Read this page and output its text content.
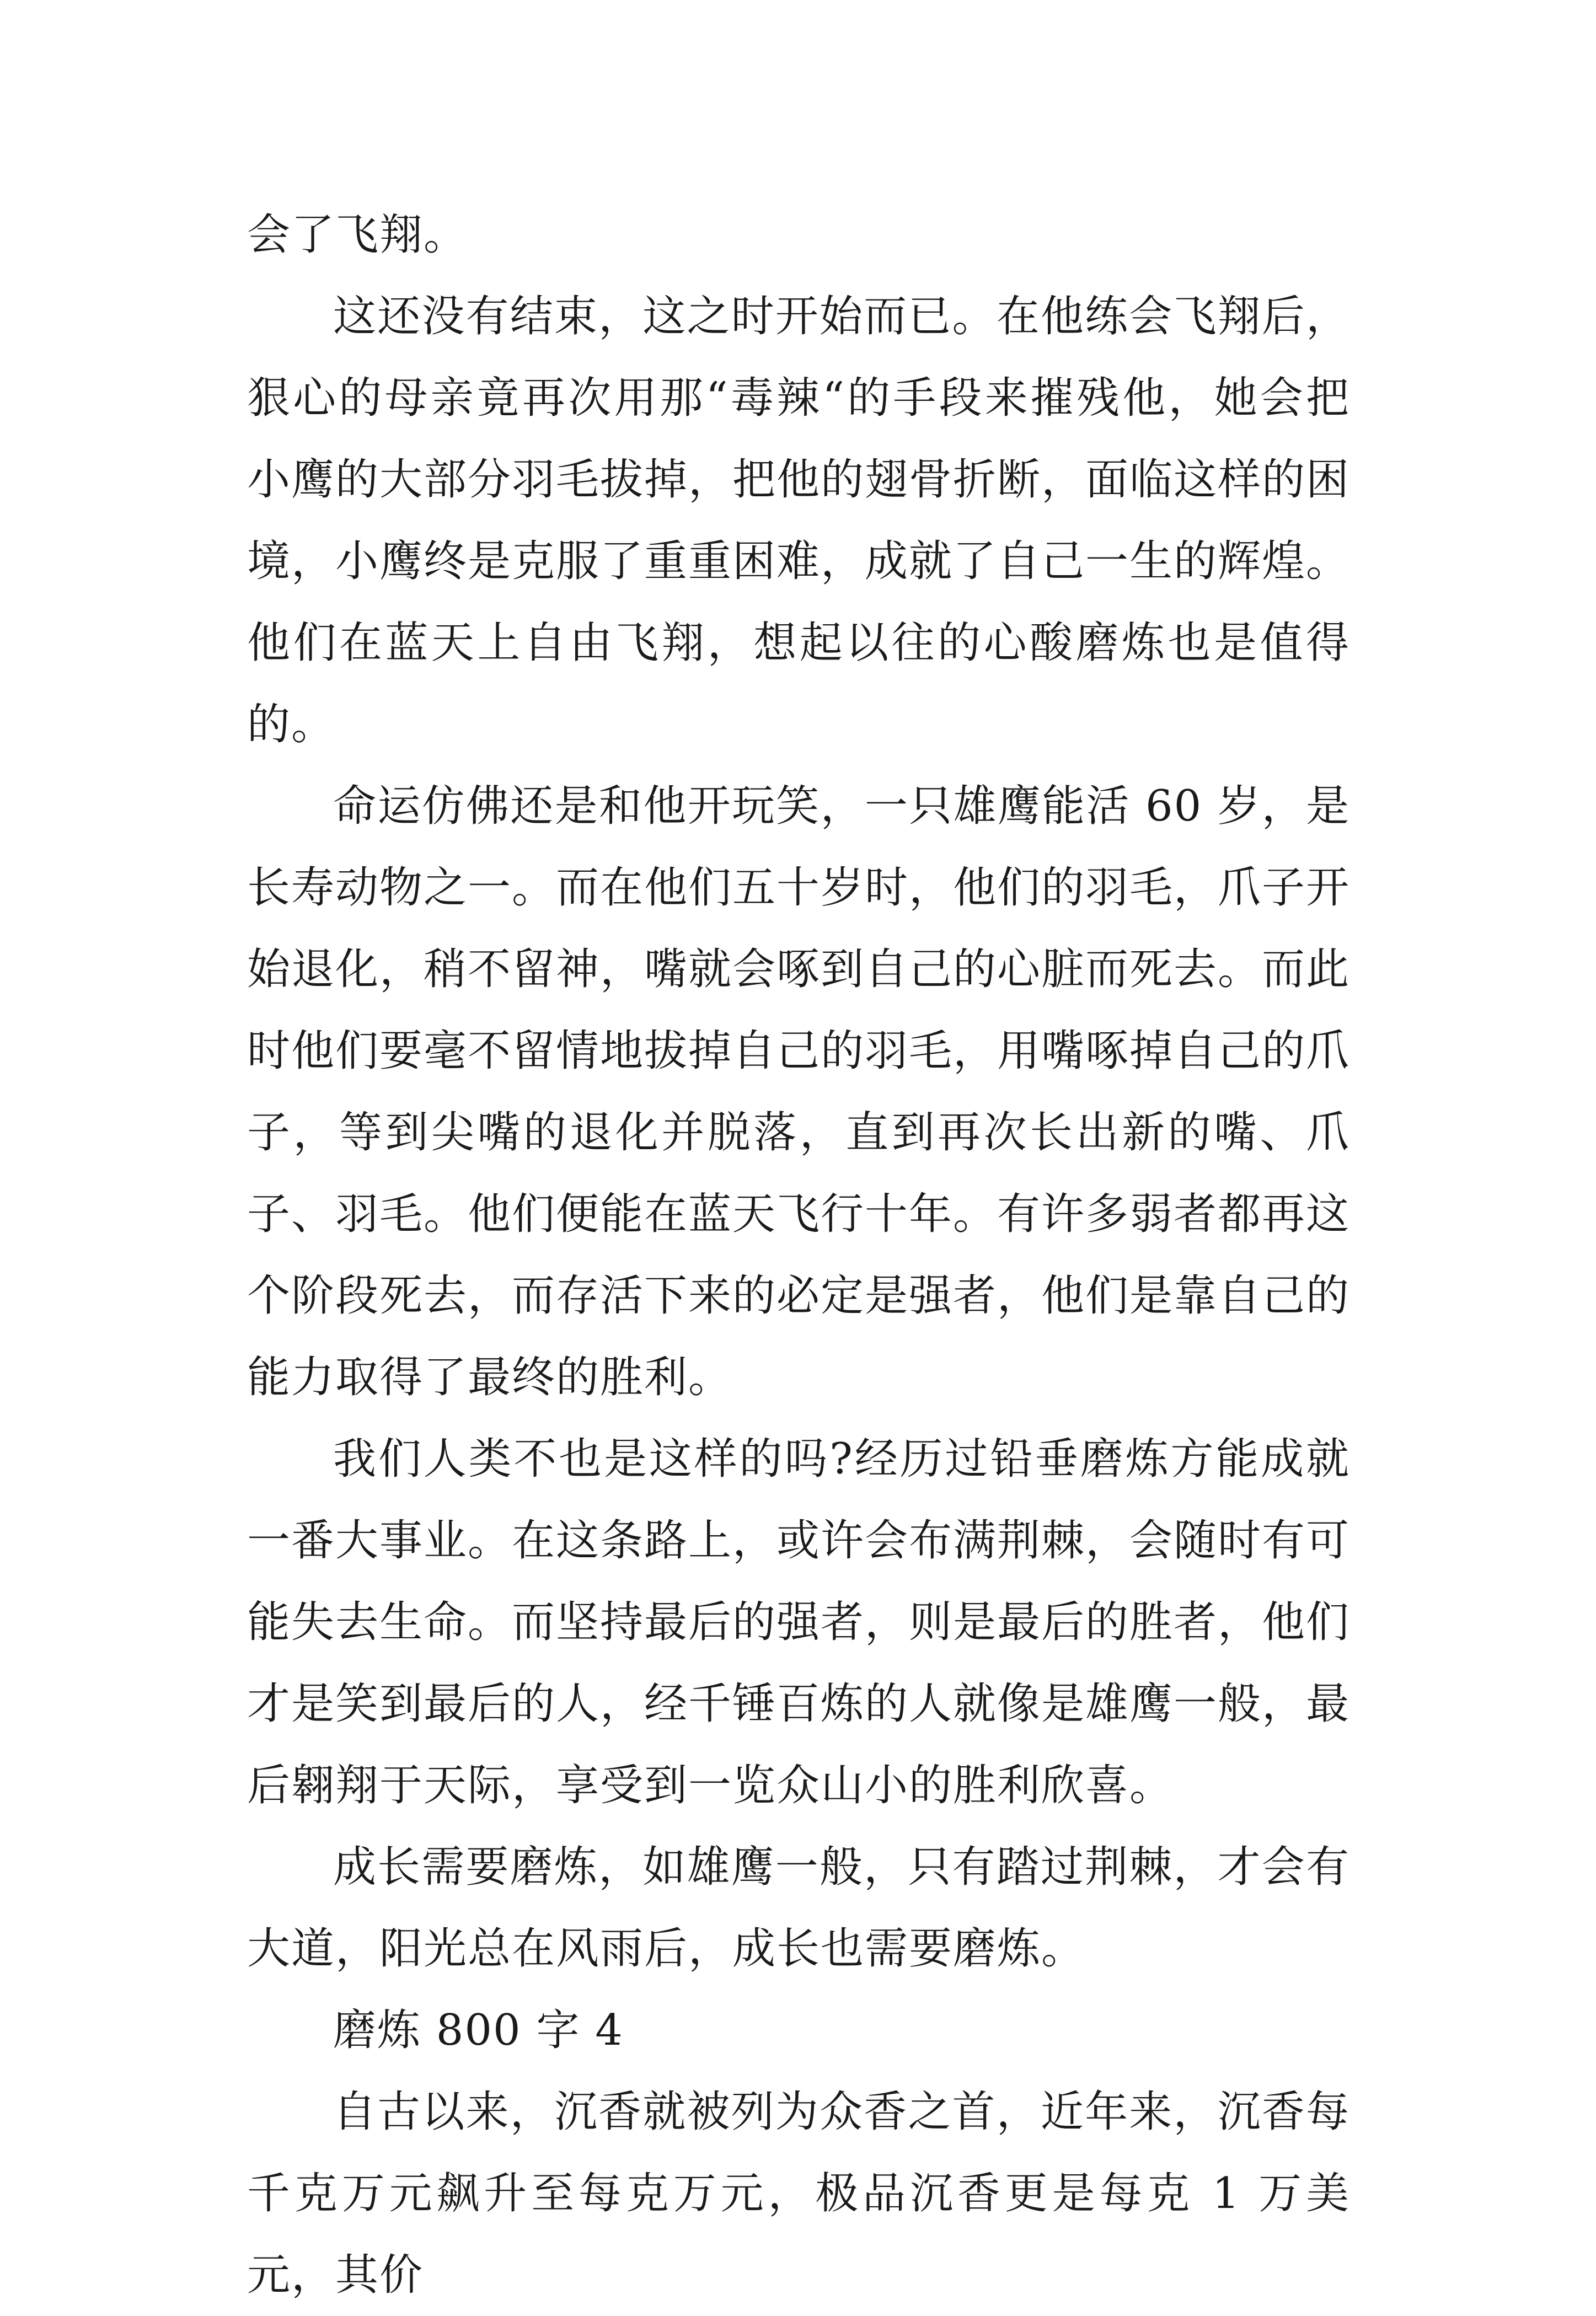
会了飞翔。

这还没有结束，这之时开始而已。在他练会飞翔后，狠心的母亲竟再次用那“毒辣“的手段来摧残他，她会把小鹰的大部分羽毛拔掉，把他的翅骨折断，面临这样的困境，小鹰终是克服了重重困难，成就了自己一生的辉煌。他们在蓝天上自由飞翔，想起以往的心酸磨炼也是值得的。

命运仿佛还是和他开玩笑，一只雄鹰能活 60 岁，是长寿动物之一。而在他们五十岁时，他们的羽毛，爪子开始退化，稍不留神，嘴就会啄到自己的心脏而死去。而此时他们要毫不留情地拔掉自己的羽毛，用嘴啄掉自己的爪子，等到尖嘴的退化并脱落，直到再次长出新的嘴、爪子、羽毛。他们便能在蓝天飞行十年。有许多弱者都再这个阶段死去，而存活下来的必定是强者，他们是靠自己的能力取得了最终的胜利。

我们人类不也是这样的吗?经历过铅垂磨炼方能成就一番大事业。在这条路上，或许会布满荆棘，会随时有可能失去生命。而坚持最后的强者，则是最后的胜者，他们才是笑到最后的人，经千锤百炼的人就像是雄鹰一般，最后翱翔于天际，享受到一览众山小的胜利欣喜。

成长需要磨炼，如雄鹰一般，只有踏过荆棘，才会有大道，阳光总在风雨后，成长也需要磨炼。

磨炼 800 字 4

自古以来，沉香就被列为众香之首，近年来，沉香每千克万元飙升至每克万元，极品沉香更是每克 1 万美元，其价
